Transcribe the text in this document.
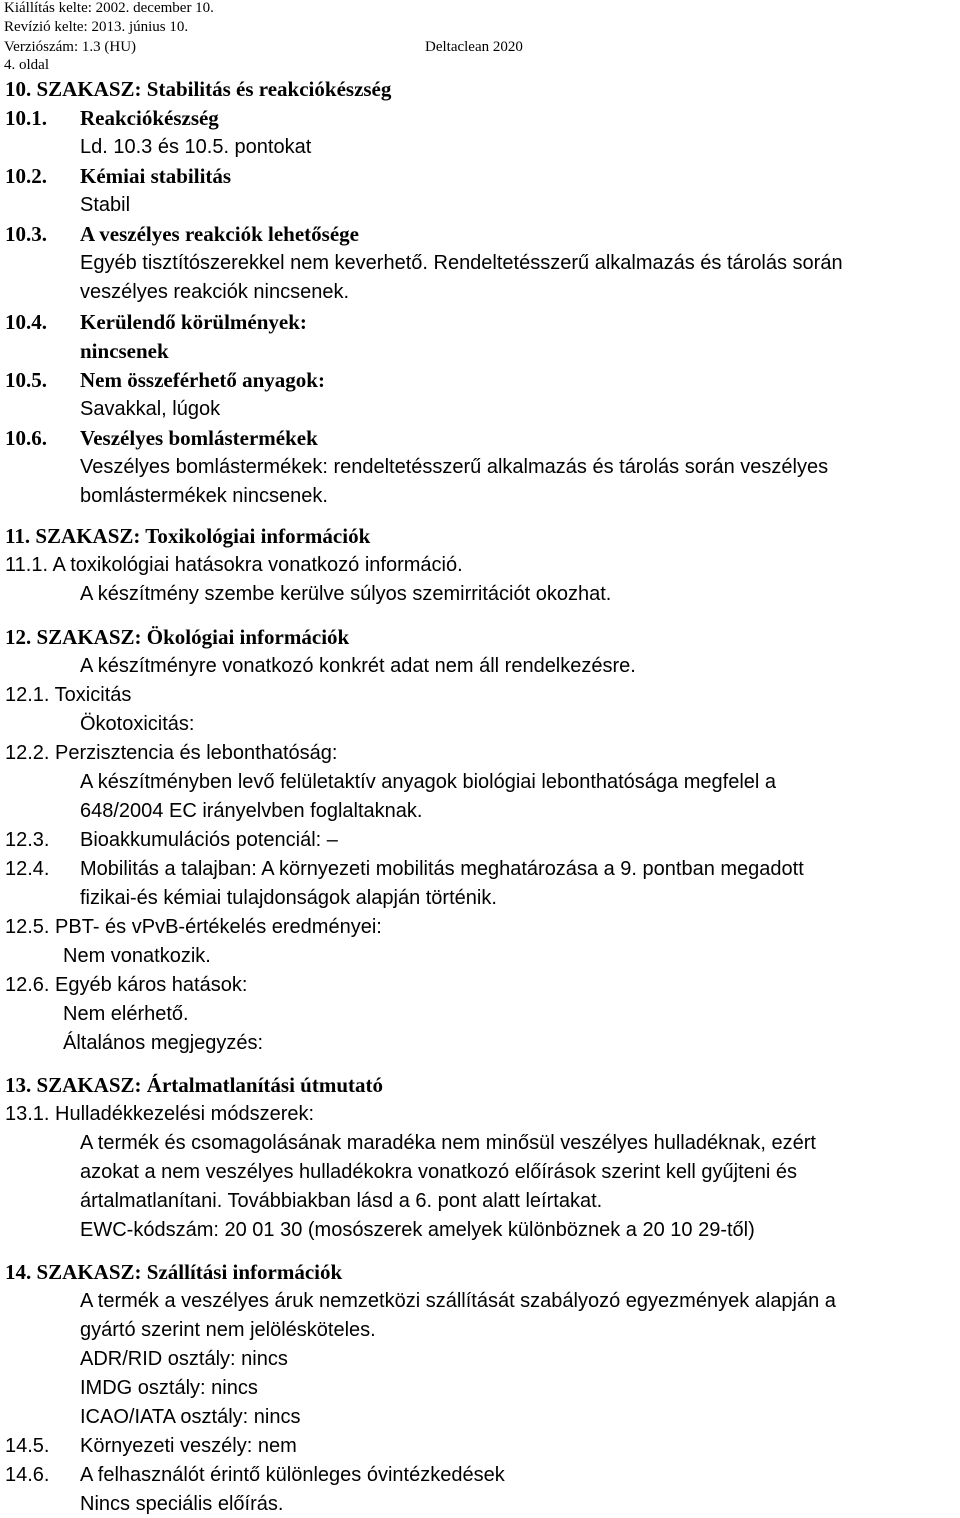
Kiállítás kelte: 2002. december 10.
Revízió kelte: 2013. június 10.
Verziószám: 1.3 (HU)	Deltaclean 2020
4. oldal
10. SZAKASZ: Stabilitás és reakciókészség
10.1. Reakciókészség
Ld. 10.3 és 10.5. pontokat
10.2. Kémiai stabilitás
Stabil
10.3. A veszélyes reakciók lehetősége
Egyéb tisztítószerekkel nem keverhető. Rendeltetésszerű alkalmazás és tárolás során
veszélyes reakciók nincsenek.
10.4. Kerülendő körülmények:
nincsenek
10.5. Nem összeférhető anyagok:
Savakkal, lúgok
10.6. Veszélyes bomlástermékek
Veszélyes bomlástermékek: rendeltetésszerű alkalmazás és tárolás során veszélyes
bomlástermékek nincsenek.
11. SZAKASZ: Toxikológiai információk
11.1. A toxikológiai hatásokra vonatkozó információ.
A készítmény szembe kerülve súlyos szemirritációt okozhat.
12. SZAKASZ: Ökológiai információk
A készítményre vonatkozó konkrét adat nem áll rendelkezésre.
12.1. Toxicitás
Ökotoxicitás:
12.2. Perzisztencia és lebonthatóság:
A készítményben levő felületaktív anyagok biológiai lebonthatósága megfelel a
648/2004 EC irányelvben foglaltaknak.
12.3. Bioakkumulációs potenciál: –
12.4. Mobilitás a talajban: A környezeti mobilitás meghatározása a 9. pontban megadott
fizikai-és kémiai tulajdonságok alapján történik.
12.5. PBT- és vPvB-értékelés eredményei:
Nem vonatkozik.
12.6. Egyéb káros hatások:
Nem elérhető.
Általános megjegyzés:
13. SZAKASZ: Ártalmatlanítási útmutató
13.1. Hulladékkezelési módszerek:
A termék és csomagolásának maradéka nem minősül veszélyes hulladéknak, ezért
azokat a nem veszélyes hulladékokra vonatkozó előírások szerint kell gyűjteni és
ártalmatlanítani. Továbbiakban lásd a 6. pont alatt leírtakat.
EWC-kódszám: 20 01 30 (mosószerek amelyek különböznek a 20 10 29-től)
14. SZAKASZ: Szállítási információk
A termék a veszélyes áruk nemzetközi szállítását szabályozó egyezmények alapján a
gyártó szerint nem jelölésköteles.
ADR/RID osztály: nincs
IMDG osztály: nincs
ICAO/IATA osztály: nincs
14.5. Környezeti veszély: nem
14.6. A felhasználót érintő különleges óvintézkedések
Nincs speciális előírás.
